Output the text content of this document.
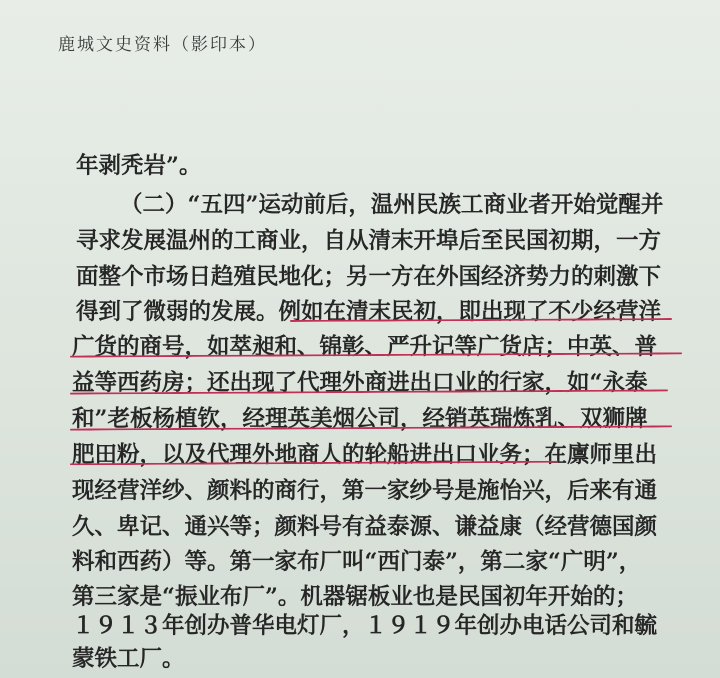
鹿城文史资料（影印本）
年剥秃岩”。
（二）“五四”运动前后，温州民族工商业者开始觉醒并
寻求发展温州的工商业，自从清末开埠后至民国初期，一方
面整个市场日趋殖民地化；另一方在外国经济势力的刺激下
得到了微弱的发展。例如在清末民初，即出现了不少经营洋
广货的商号，如萃昶和、锦彰、严升记等广货店；中英、普
益等西药房；还出现了代理外商进出口业的行家，如“永泰
和”老板杨植钦，经理英美烟公司，经销英瑞炼乳、双狮牌
肥田粉，以及代理外地商人的轮船进出口业务；在廪师里出
现经营洋纱、颜料的商行，第一家纱号是施怡兴，后来有通
久、卑记、通兴等；颜料号有益泰源、谦益康（经营德国颜
料和西药）等。第一家布厂叫“西门泰”，第二家“广明”，
第三家是“振业布厂”。机器锯板业也是民国初年开始的；
１９１３年创办普华电灯厂，１９１９年创办电话公司和毓
蒙铁工厂。
